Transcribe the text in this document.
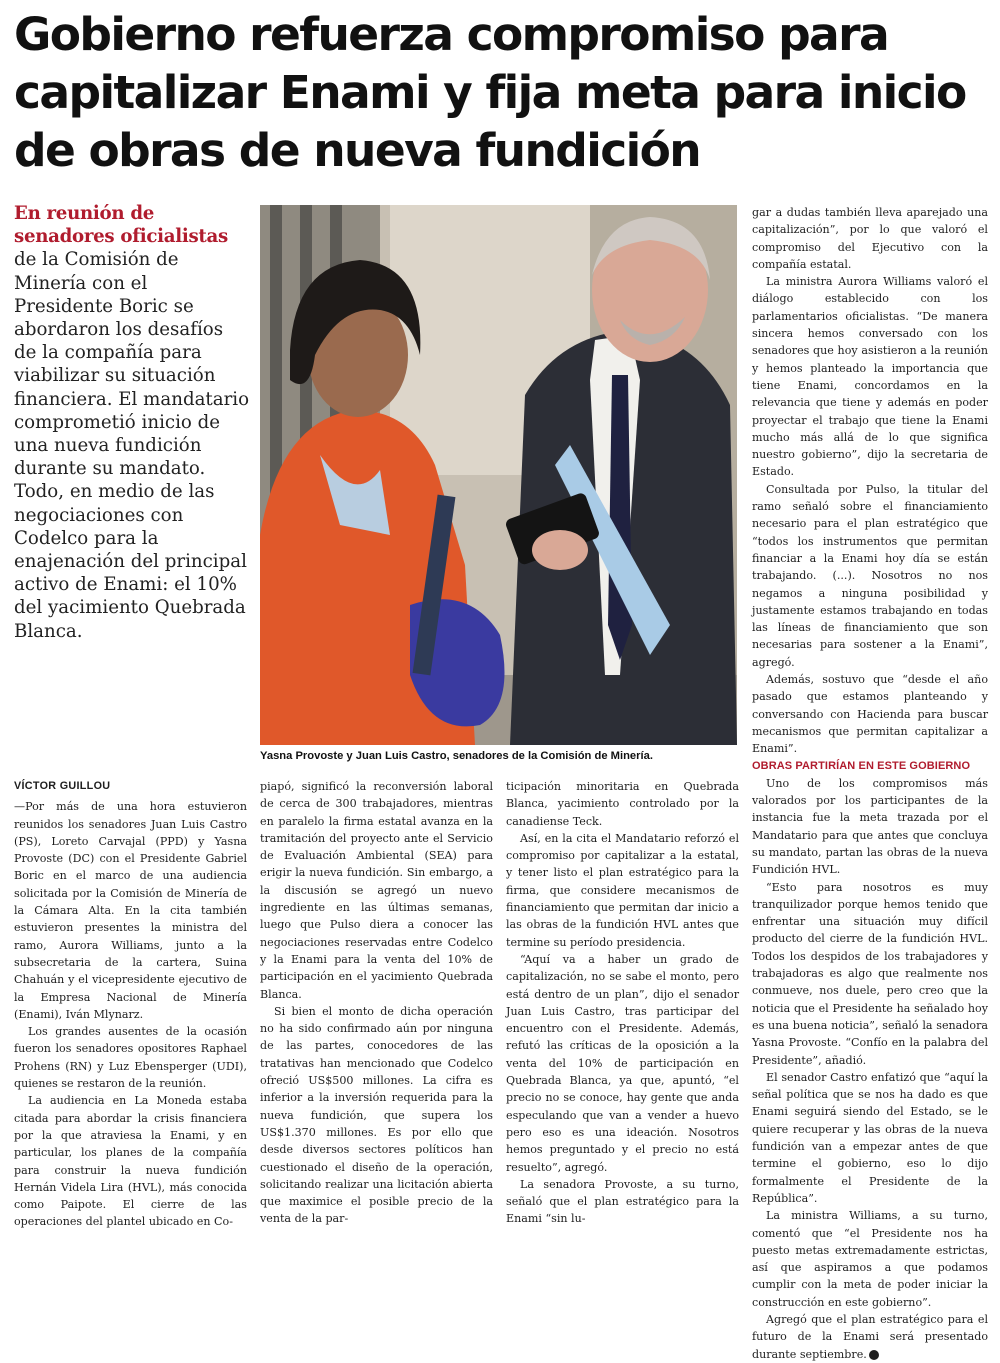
Gobierno refuerza compromiso para capitalizar Enami y fija meta para inicio de obras de nueva fundición
En reunión de senadores oficialistas de la Comisión de Minería con el Presidente Boric se abordaron los desafíos de la compañía para viabilizar su situación financiera. El mandatario comprometió inicio de una nueva fundición durante su mandato. Todo, en medio de las negociaciones con Codelco para la enajenación del principal activo de Enami: el 10% del yacimiento Quebrada Blanca.
Yasna Provoste y Juan Luis Castro, senadores de la Comisión de Minería.
VÍCTOR GUILLOU

—Por más de una hora estuvieron reunidos los senadores Juan Luis Castro (PS), Loreto Carvajal (PPD) y Yasna Provoste (DC) con el Presidente Gabriel Boric en el marco de una audiencia solicitada por la Comisión de Minería de la Cámara Alta. En la cita también estuvieron presentes la ministra del ramo, Aurora Williams, junto a la subsecretaria de la cartera, Suina Chahuán y el vicepresidente ejecutivo de la Empresa Nacional de Minería (Enami), Iván Mlynarz.

Los grandes ausentes de la ocasión fueron los senadores opositores Raphael Prohens (RN) y Luz Ebensperger (UDI), quienes se restaron de la reunión.

La audiencia en La Moneda estaba citada para abordar la crisis financiera por la que atraviesa la Enami, y en particular, los planes de la compañía para construir la nueva fundición Hernán Videla Lira (HVL), más conocida como Paipote. El cierre de las operaciones del plantel ubicado en Co-

piapó, significó la reconversión laboral de cerca de 300 trabajadores, mientras en paralelo la firma estatal avanza en la tramitación del proyecto ante el Servicio de Evaluación Ambiental (SEA) para erigir la nueva fundición. Sin embargo, a la discusión se agregó un nuevo ingrediente en las últimas semanas, luego que Pulso diera a conocer las negociaciones reservadas entre Codelco y la Enami para la venta del 10% de participación en el yacimiento Quebrada Blanca.

Si bien el monto de dicha operación no ha sido confirmado aún por ninguna de las partes, conocedores de las tratativas han mencionado que Codelco ofreció US$500 millones. La cifra es inferior a la inversión requerida para la nueva fundición, que supera los US$1.370 millones. Es por ello que desde diversos sectores políticos han cuestionado el diseño de la operación, solicitando realizar una licitación abierta que maximice el posible precio de la venta de la par-

ticipación minoritaria en Quebrada Blanca, yacimiento controlado por la canadiense Teck.

Así, en la cita el Mandatario reforzó el compromiso por capitalizar a la estatal, y tener listo el plan estratégico para la firma, que considere mecanismos de financiamiento que permitan dar inicio a las obras de la fundición HVL antes que termine su período presidencia.

“Aquí va a haber un grado de capitalización, no se sabe el monto, pero está dentro de un plan”, dijo el senador Juan Luis Castro, tras participar del encuentro con el Presidente. Además, refutó las críticas de la oposición a la venta del 10% de participación en Quebrada Blanca, ya que, apuntó, “el precio no se conoce, hay gente que anda especulando que van a vender a huevo pero eso es una ideación. Nosotros hemos preguntado y el precio no está resuelto”, agregó.

La senadora Provoste, a su turno, señaló que el plan estratégico para la Enami “sin lu-

gar a dudas también lleva aparejado una capitalización”, por lo que valoró el compromiso del Ejecutivo con la compañía estatal.

La ministra Aurora Williams valoró el diálogo establecido con los parlamentarios oficialistas. “De manera sincera hemos conversado con los senadores que hoy asistieron a la reunión y hemos planteado la importancia que tiene Enami, concordamos en la relevancia que tiene y además en poder proyectar el trabajo que tiene la Enami mucho más allá de lo que significa nuestro gobierno”, dijo la secretaria de Estado.

Consultada por Pulso, la titular del ramo señaló sobre el financiamiento necesario para el plan estratégico que “todos los instrumentos que permitan financiar a la Enami hoy día se están trabajando. (...). Nosotros no nos negamos a ninguna posibilidad y justamente estamos trabajando en todas las líneas de financiamiento que son necesarias para sostener a la Enami”, agregó.

Además, sostuvo que “desde el año pasado que estamos planteando y conversando con Hacienda para buscar mecanismos que permitan capitalizar a Enami”.

OBRAS PARTIRÍAN EN ESTE GOBIERNO

Uno de los compromisos más valorados por los participantes de la instancia fue la meta trazada por el Mandatario para que antes que concluya su mandato, partan las obras de la nueva Fundición HVL.

“Esto para nosotros es muy tranquilizador porque hemos tenido que enfrentar una situación muy difícil producto del cierre de la fundición HVL. Todos los despidos de los trabajadores y trabajadoras es algo que realmente nos conmueve, nos duele, pero creo que la noticia que el Presidente ha señalado hoy es una buena noticia”, señaló la senadora Yasna Provoste. “Confío en la palabra del Presidente”, añadió.

El senador Castro enfatizó que “aquí la señal política que se nos ha dado es que Enami seguirá siendo del Estado, se le quiere recuperar y las obras de la nueva fundición van a empezar antes de que termine el gobierno, eso lo dijo formalmente el Presidente de la República”.

La ministra Williams, a su turno, comentó que “el Presidente nos ha puesto metas extremadamente estrictas, así que aspiramos a que podamos cumplir con la meta de poder iniciar la construcción en este gobierno”.

Agregó que el plan estratégico para el futuro de la Enami será presentado durante septiembre. P
